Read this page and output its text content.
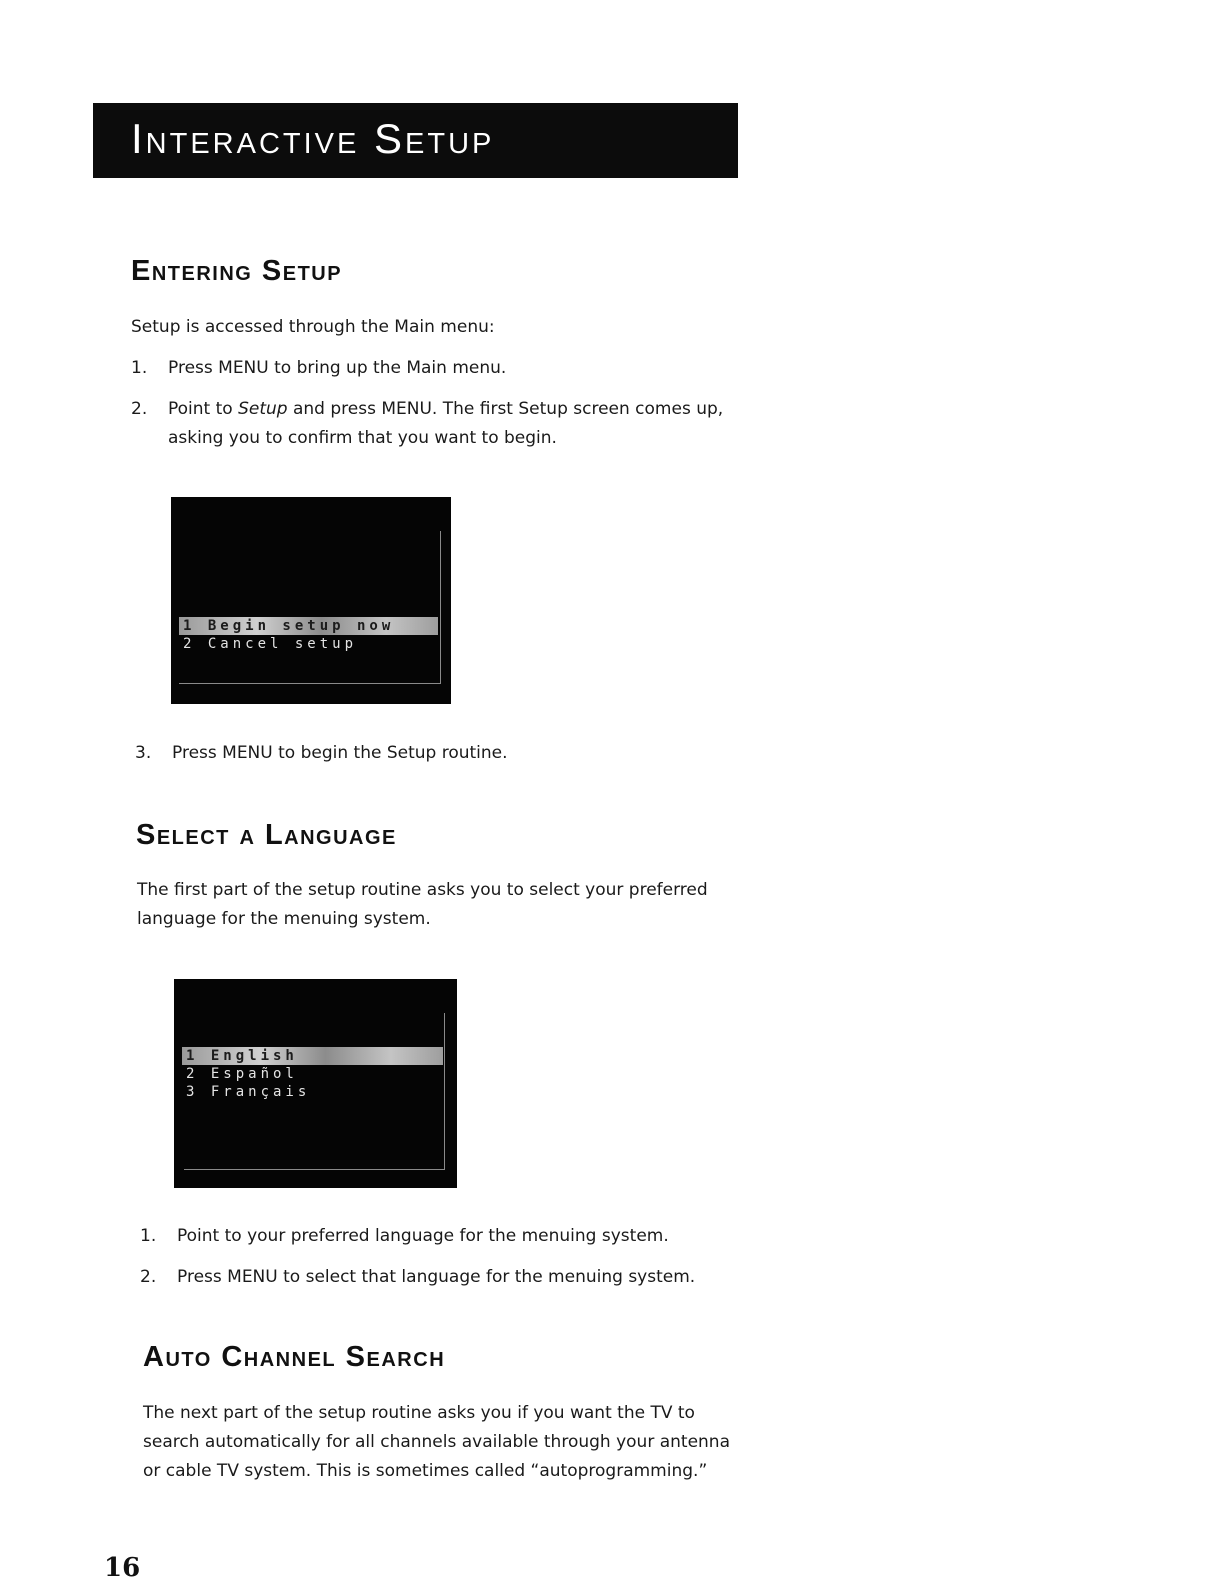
Interactive Setup
Entering Setup

Setup is accessed through the Main menu:

1. Press MENU to bring up the Main menu.
2. Point to Setup and press MENU. The first Setup screen comes up,
asking you to confirm that you want to begin.
1 Begin setup now
2 Cancel setup
3. Press MENU to begin the Setup routine.
Select a Language

The first part of the setup routine asks you to select your preferred

language for the menuing system.

1 English
2 Español
3 Français
1. Point to your preferred language for the menuing system.
2. Press MENU to select that language for the menuing system.
Auto Channel Search

The next part of the setup routine asks you if you want the TV to

search automatically for all channels available through your antenna

or cable TV system. This is sometimes called “autoprogramming.”

16
